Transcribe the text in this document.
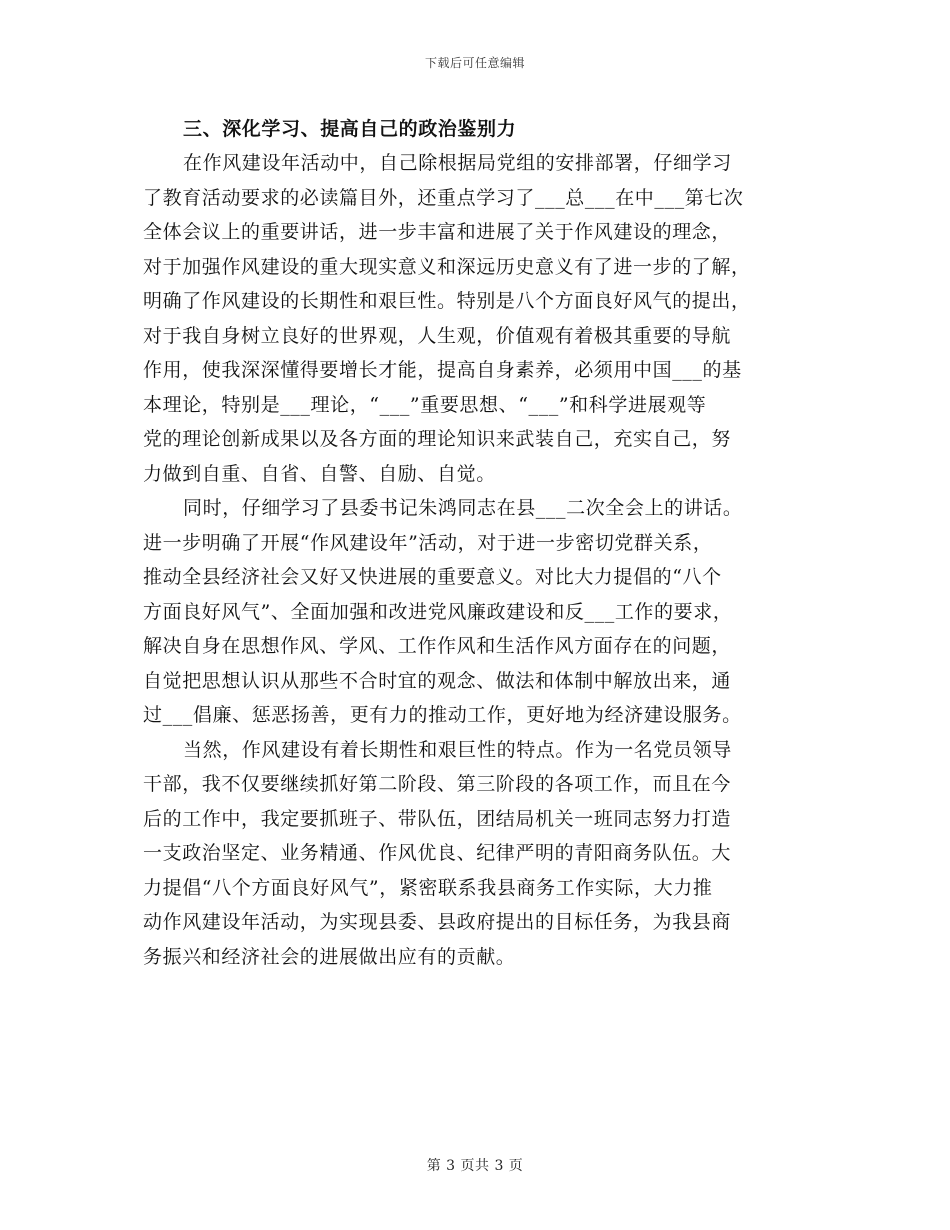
下载后可任意编辑
三、深化学习、提高自己的政治鉴别力

在作风建设年活动中，自己除根据局党组的安排部署，仔细学习
了教育活动要求的必读篇目外，还重点学习了___总___在中___第七次
全体会议上的重要讲话，进一步丰富和进展了关于作风建设的理念，
对于加强作风建设的重大现实意义和深远历史意义有了进一步的了解，
明确了作风建设的长期性和艰巨性。特别是八个方面良好风气的提出，
对于我自身树立良好的世界观，人生观，价值观有着极其重要的导航
作用，使我深深懂得要增长才能，提高自身素养，必须用中国___的基
本理论，特别是___理论，“___”重要思想、“___”和科学进展观等
党的理论创新成果以及各方面的理论知识来武装自己，充实自己，努
力做到自重、自省、自警、自励、自觉。

同时，仔细学习了县委书记朱鸿同志在县___二次全会上的讲话。
进一步明确了开展“作风建设年”活动，对于进一步密切党群关系，
推动全县经济社会又好又快进展的重要意义。对比大力提倡的“八个
方面良好风气”、全面加强和改进党风廉政建设和反___工作的要求，
解决自身在思想作风、学风、工作作风和生活作风方面存在的问题，
自觉把思想认识从那些不合时宜的观念、做法和体制中解放出来，通
过___倡廉、惩恶扬善，更有力的推动工作，更好地为经济建设服务。

当然，作风建设有着长期性和艰巨性的特点。作为一名党员领导
干部，我不仅要继续抓好第二阶段、第三阶段的各项工作，而且在今
后的工作中，我定要抓班子、带队伍，团结局机关一班同志努力打造
一支政治坚定、业务精通、作风优良、纪律严明的青阳商务队伍。大
力提倡“八个方面良好风气”，紧密联系我县商务工作实际，大力推
动作风建设年活动，为实现县委、县政府提出的目标任务，为我县商
务振兴和经济社会的进展做出应有的贡献。

第 3 页共 3 页
